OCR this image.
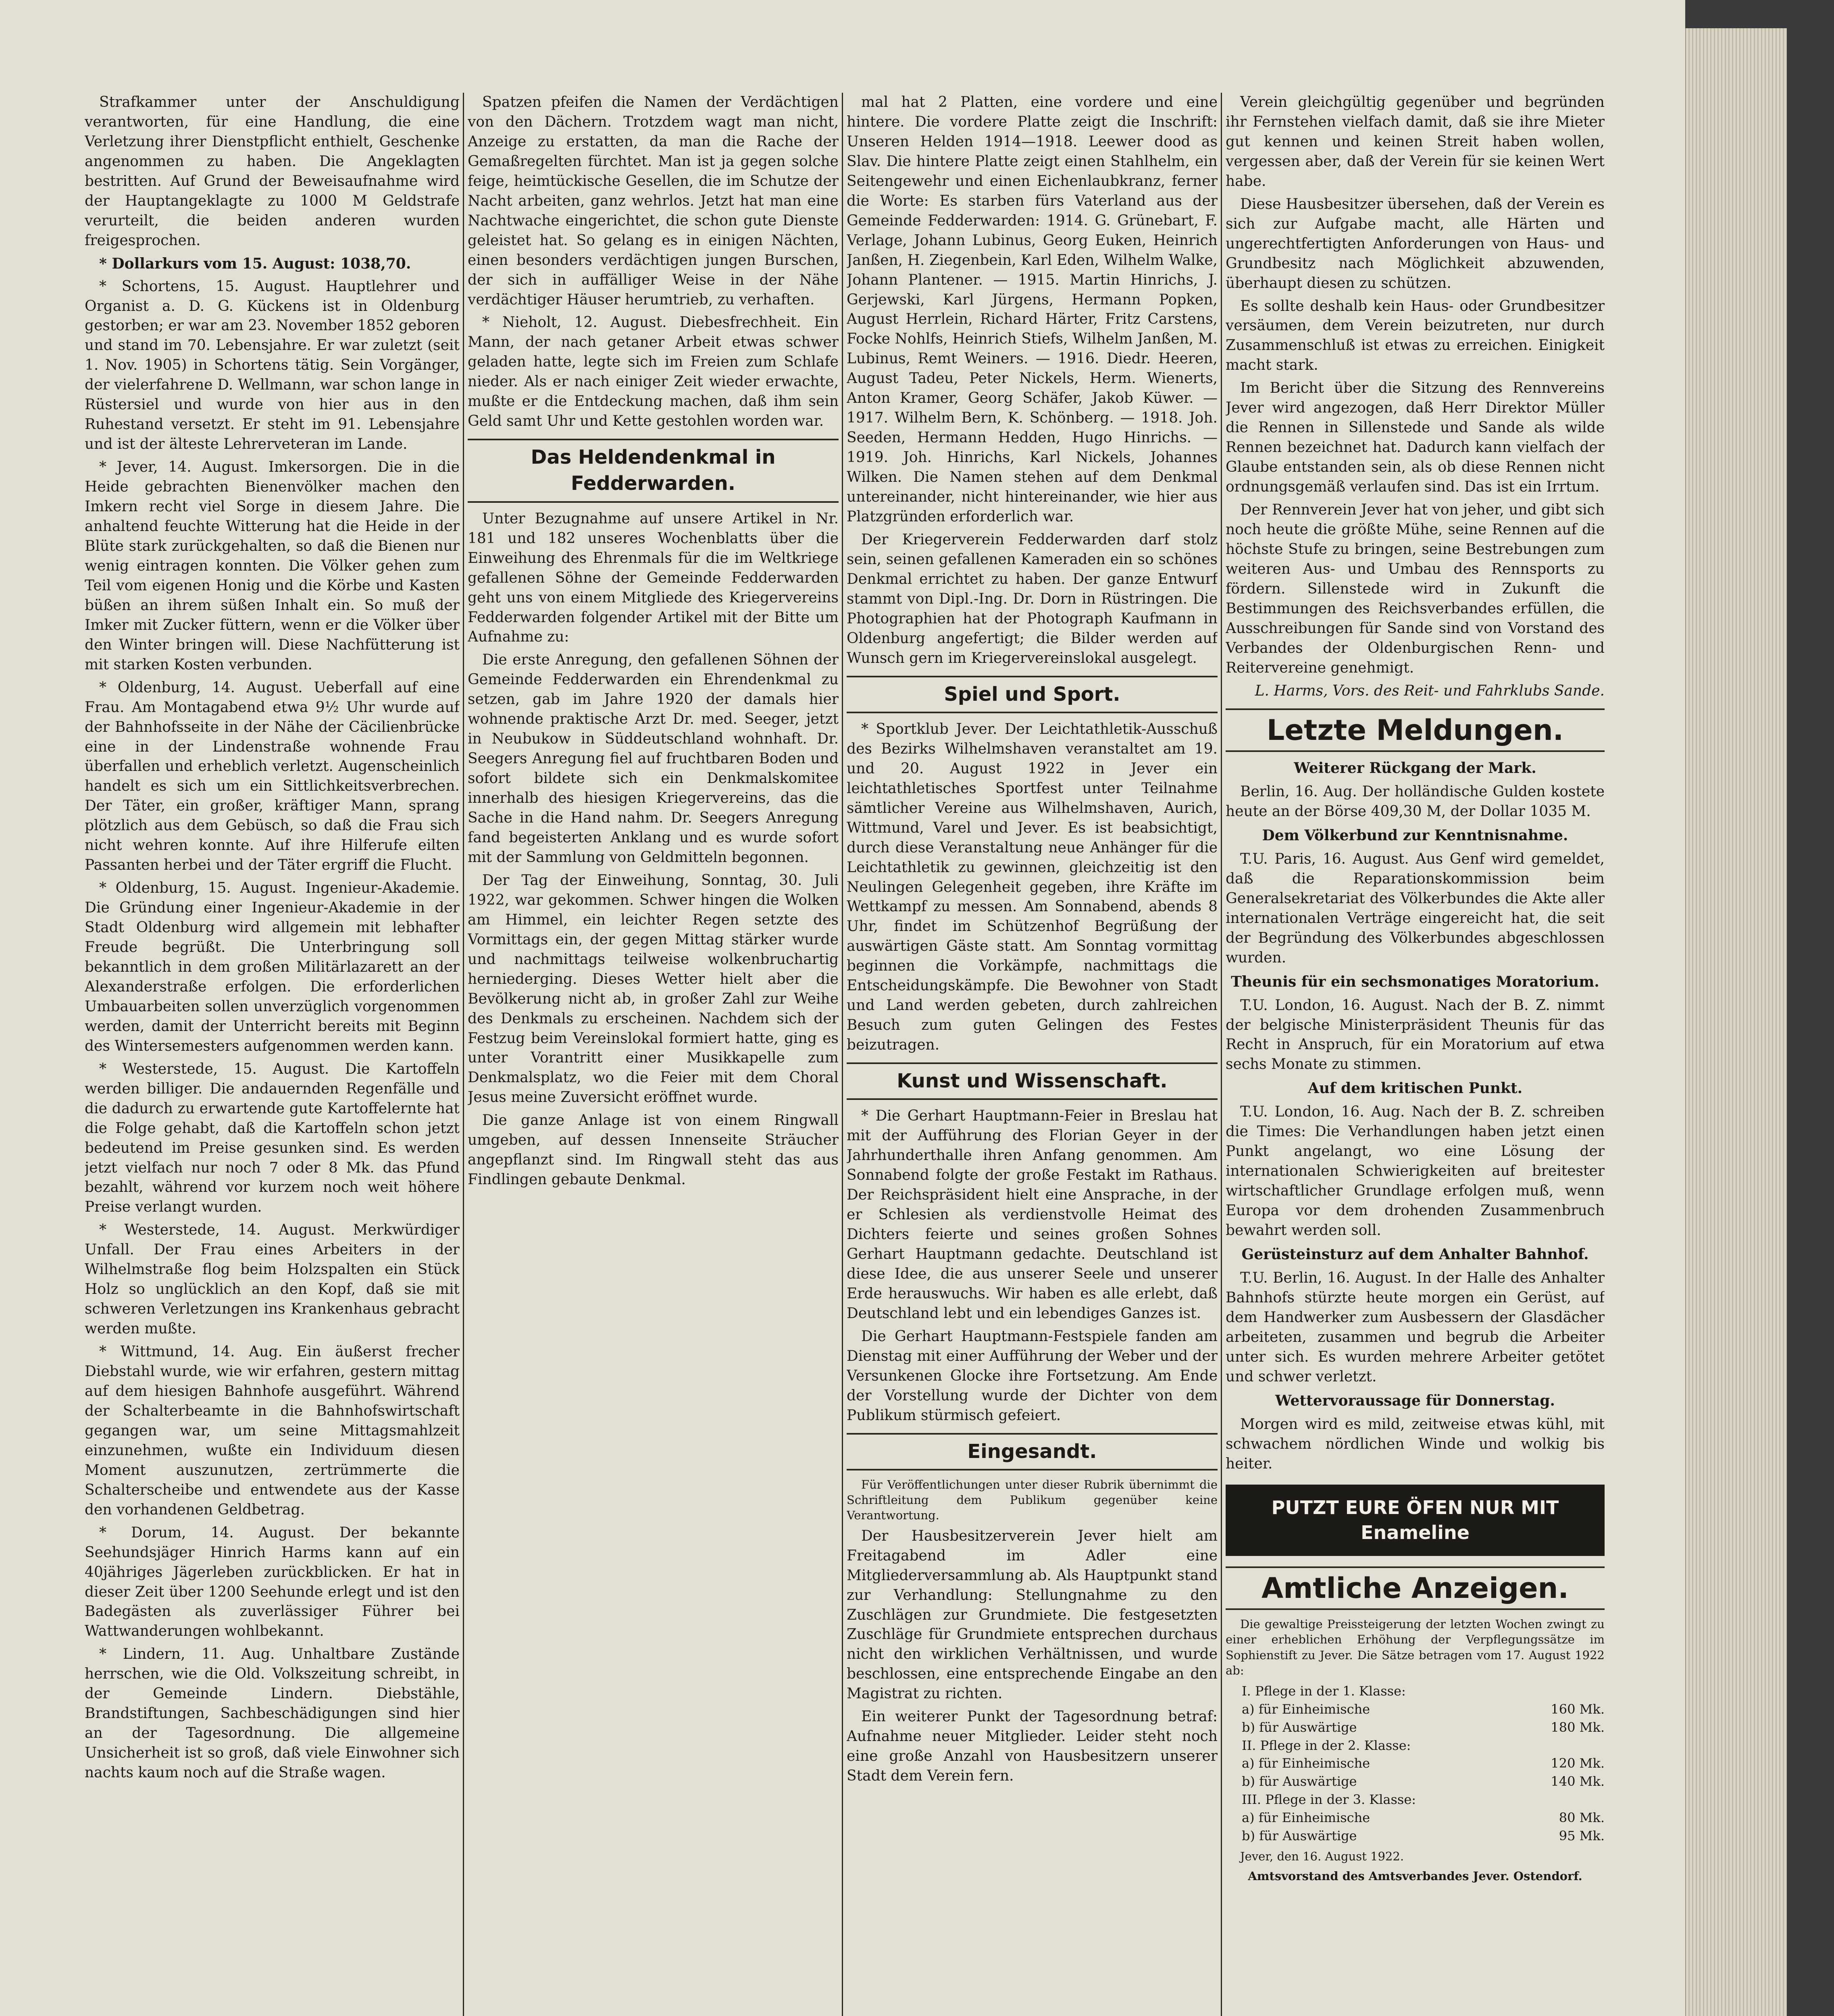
Strafkammer unter der Anschuldigung verantworten, für eine Handlung, die eine Verletzung ihrer Dienstpflicht enthielt, Geschenke angenommen zu haben. Die Angeklagten bestritten. Auf Grund der Beweisaufnahme wird der Hauptangeklagte zu 1000 M Geldstrafe verurteilt, die beiden anderen wurden freigesprochen.

* Dollarkurs vom 15. August: 1038,70.

* Schortens, 15. August. Hauptlehrer und Organist a. D. G. Kückens ist in Oldenburg gestorben; er war am 23. November 1852 geboren und stand im 70. Lebensjahre. Er war zuletzt (seit 1. Nov. 1905) in Schortens tätig. Sein Vorgänger, der vielerfahrene D. Wellmann, war schon lange in Rüstersiel und wurde von hier aus in den Ruhestand versetzt. Er steht im 91. Lebensjahre und ist der älteste Lehrerveteran im Lande.

* Jever, 14. August. Imkersorgen. Die in die Heide gebrachten Bienenvölker machen den Imkern recht viel Sorge in diesem Jahre. Die anhaltend feuchte Witterung hat die Heide in der Blüte stark zurückgehalten, so daß die Bienen nur wenig eintragen konnten. Die Völker gehen zum Teil vom eigenen Honig und die Körbe und Kasten büßen an ihrem süßen Inhalt ein. So muß der Imker mit Zucker füttern, wenn er die Völker über den Winter bringen will. Diese Nachfütterung ist mit starken Kosten verbunden.

* Oldenburg, 14. August. Ueberfall auf eine Frau. Am Montagabend etwa 9½ Uhr wurde auf der Bahnhofsseite in der Nähe der Cäcilienbrücke eine in der Lindenstraße wohnende Frau überfallen und erheblich verletzt. Augenscheinlich handelt es sich um ein Sittlichkeitsverbrechen. Der Täter, ein großer, kräftiger Mann, sprang plötzlich aus dem Gebüsch, so daß die Frau sich nicht wehren konnte. Auf ihre Hilferufe eilten Passanten herbei und der Täter ergriff die Flucht.

* Oldenburg, 15. August. Ingenieur-Akademie. Die Gründung einer Ingenieur-Akademie in der Stadt Oldenburg wird allgemein mit lebhafter Freude begrüßt. Die Unterbringung soll bekanntlich in dem großen Militärlazarett an der Alexanderstraße erfolgen. Die erforderlichen Umbauarbeiten sollen unverzüglich vorgenommen werden, damit der Unterricht bereits mit Beginn des Wintersemesters aufgenommen werden kann.

* Westerstede, 15. August. Die Kartoffeln werden billiger. Die andauernden Regenfälle und die dadurch zu erwartende gute Kartoffelernte hat die Folge gehabt, daß die Kartoffeln schon jetzt bedeutend im Preise gesunken sind. Es werden jetzt vielfach nur noch 7 oder 8 Mk. das Pfund bezahlt, während vor kurzem noch weit höhere Preise verlangt wurden.

* Westerstede, 14. August. Merkwürdiger Unfall. Der Frau eines Arbeiters in der Wilhelmstraße flog beim Holzspalten ein Stück Holz so unglücklich an den Kopf, daß sie mit schweren Verletzungen ins Krankenhaus gebracht werden mußte.

* Wittmund, 14. Aug. Ein äußerst frecher Diebstahl wurde, wie wir erfahren, gestern mittag auf dem hiesigen Bahnhofe ausgeführt. Während der Schalterbeamte in die Bahnhofswirtschaft gegangen war, um seine Mittagsmahlzeit einzunehmen, wußte ein Individuum diesen Moment auszunutzen, zertrümmerte die Schalterscheibe und entwendete aus der Kasse den vorhandenen Geldbetrag.

* Dorum, 14. August. Der bekannte Seehundsjäger Hinrich Harms kann auf ein 40jähriges Jägerleben zurückblicken. Er hat in dieser Zeit über 1200 Seehunde erlegt und ist den Badegästen als zuverlässiger Führer bei Wattwanderungen wohlbekannt.

* Lindern, 11. Aug. Unhaltbare Zustände herrschen, wie die Old. Volkszeitung schreibt, in der Gemeinde Lindern. Diebstähle, Brandstiftungen, Sachbeschädigungen sind hier an der Tagesordnung. Die allgemeine Unsicherheit ist so groß, daß viele Einwohner sich nachts kaum noch auf die Straße wagen.

Spatzen pfeifen die Namen der Verdächtigen von den Dächern. Trotzdem wagt man nicht, Anzeige zu erstatten, da man die Rache der Gemaßregelten fürchtet. Man ist ja gegen solche feige, heimtückische Gesellen, die im Schutze der Nacht arbeiten, ganz wehrlos. Jetzt hat man eine Nachtwache eingerichtet, die schon gute Dienste geleistet hat. So gelang es in einigen Nächten, einen besonders verdächtigen jungen Burschen, der sich in auffälliger Weise in der Nähe verdächtiger Häuser herumtrieb, zu verhaften.

* Nieholt, 12. August. Diebesfrechheit. Ein Mann, der nach getaner Arbeit etwas schwer geladen hatte, legte sich im Freien zum Schlafe nieder. Als er nach einiger Zeit wieder erwachte, mußte er die Entdeckung machen, daß ihm sein Geld samt Uhr und Kette gestohlen worden war.

Das Heldendenkmal in Fedderwarden.

Unter Bezugnahme auf unsere Artikel in Nr. 181 und 182 unseres Wochenblatts über die Einweihung des Ehrenmals für die im Weltkriege gefallenen Söhne der Gemeinde Fedderwarden geht uns von einem Mitgliede des Kriegervereins Fedderwarden folgender Artikel mit der Bitte um Aufnahme zu:

Die erste Anregung, den gefallenen Söhnen der Gemeinde Fedderwarden ein Ehrendenkmal zu setzen, gab im Jahre 1920 der damals hier wohnende praktische Arzt Dr. med. Seeger, jetzt in Neubukow in Süddeutschland wohnhaft. Dr. Seegers Anregung fiel auf fruchtbaren Boden und sofort bildete sich ein Denkmalskomitee innerhalb des hiesigen Kriegervereins, das die Sache in die Hand nahm. Dr. Seegers Anregung fand begeisterten Anklang und es wurde sofort mit der Sammlung von Geldmitteln begonnen.

Der Tag der Einweihung, Sonntag, 30. Juli 1922, war gekommen. Schwer hingen die Wolken am Himmel, ein leichter Regen setzte des Vormittags ein, der gegen Mittag stärker wurde und nachmittags teilweise wolkenbruchartig herniederging. Dieses Wetter hielt aber die Bevölkerung nicht ab, in großer Zahl zur Weihe des Denkmals zu erscheinen. Nachdem sich der Festzug beim Vereinslokal formiert hatte, ging es unter Vorantritt einer Musikkapelle zum Denkmalsplatz, wo die Feier mit dem Choral Jesus meine Zuversicht eröffnet wurde.

Die ganze Anlage ist von einem Ringwall umgeben, auf dessen Innenseite Sträucher angepflanzt sind. Im Ringwall steht das aus Findlingen gebaute Denkmal.

mal hat 2 Platten, eine vordere und eine hintere. Die vordere Platte zeigt die Inschrift: Unseren Helden 1914—1918. Leewer dood as Slav. Die hintere Platte zeigt einen Stahlhelm, ein Seitengewehr und einen Eichenlaubkranz, ferner die Worte: Es starben fürs Vaterland aus der Gemeinde Fedderwarden: 1914. G. Grünebart, F. Verlage, Johann Lubinus, Georg Euken, Heinrich Janßen, H. Ziegenbein, Karl Eden, Wilhelm Walke, Johann Plantener. — 1915. Martin Hinrichs, J. Gerjewski, Karl Jürgens, Hermann Popken, August Herrlein, Richard Härter, Fritz Carstens, Focke Nohlfs, Heinrich Stiefs, Wilhelm Janßen, M. Lubinus, Remt Weiners. — 1916. Diedr. Heeren, August Tadeu, Peter Nickels, Herm. Wienerts, Anton Kramer, Georg Schäfer, Jakob Küwer. — 1917. Wilhelm Bern, K. Schönberg. — 1918. Joh. Seeden, Hermann Hedden, Hugo Hinrichs. — 1919. Joh. Hinrichs, Karl Nickels, Johannes Wilken. Die Namen stehen auf dem Denkmal untereinander, nicht hintereinander, wie hier aus Platzgründen erforderlich war.

Der Kriegerverein Fedderwarden darf stolz sein, seinen gefallenen Kameraden ein so schönes Denkmal errichtet zu haben. Der ganze Entwurf stammt von Dipl.-Ing. Dr. Dorn in Rüstringen. Die Photographien hat der Photograph Kaufmann in Oldenburg angefertigt; die Bilder werden auf Wunsch gern im Kriegervereinslokal ausgelegt.

Spiel und Sport.

* Sportklub Jever. Der Leichtathletik-Ausschuß des Bezirks Wilhelmshaven veranstaltet am 19. und 20. August 1922 in Jever ein leichtathletisches Sportfest unter Teilnahme sämtlicher Vereine aus Wilhelmshaven, Aurich, Wittmund, Varel und Jever. Es ist beabsichtigt, durch diese Veranstaltung neue Anhänger für die Leichtathletik zu gewinnen, gleichzeitig ist den Neulingen Gelegenheit gegeben, ihre Kräfte im Wettkampf zu messen. Am Sonnabend, abends 8 Uhr, findet im Schützenhof Begrüßung der auswärtigen Gäste statt. Am Sonntag vormittag beginnen die Vorkämpfe, nachmittags die Entscheidungskämpfe. Die Bewohner von Stadt und Land werden gebeten, durch zahlreichen Besuch zum guten Gelingen des Festes beizutragen.

Kunst und Wissenschaft.

* Die Gerhart Hauptmann-Feier in Breslau hat mit der Aufführung des Florian Geyer in der Jahrhunderthalle ihren Anfang genommen. Am Sonnabend folgte der große Festakt im Rathaus. Der Reichspräsident hielt eine Ansprache, in der er Schlesien als verdienstvolle Heimat des Dichters feierte und seines großen Sohnes Gerhart Hauptmann gedachte. Deutschland ist diese Idee, die aus unserer Seele und unserer Erde herauswuchs. Wir haben es alle erlebt, daß Deutschland lebt und ein lebendiges Ganzes ist.

Die Gerhart Hauptmann-Festspiele fanden am Dienstag mit einer Aufführung der Weber und der Versunkenen Glocke ihre Fortsetzung. Am Ende der Vorstellung wurde der Dichter von dem Publikum stürmisch gefeiert.

Eingesandt.

Für Veröffentlichungen unter dieser Rubrik übernimmt die Schriftleitung dem Publikum gegenüber keine Verantwortung.

Der Hausbesitzerverein Jever hielt am Freitagabend im Adler eine Mitgliederversammlung ab. Als Hauptpunkt stand zur Verhandlung: Stellungnahme zu den Zuschlägen zur Grundmiete. Die festgesetzten Zuschläge für Grundmiete entsprechen durchaus nicht den wirklichen Verhältnissen, und wurde beschlossen, eine entsprechende Eingabe an den Magistrat zu richten.

Ein weiterer Punkt der Tagesordnung betraf: Aufnahme neuer Mitglieder. Leider steht noch eine große Anzahl von Hausbesitzern unserer Stadt dem Verein fern.

Verein gleichgültig gegenüber und begründen ihr Fernstehen vielfach damit, daß sie ihre Mieter gut kennen und keinen Streit haben wollen, vergessen aber, daß der Verein für sie keinen Wert habe.

Diese Hausbesitzer übersehen, daß der Verein es sich zur Aufgabe macht, alle Härten und ungerechtfertigten Anforderungen von Haus- und Grundbesitz nach Möglichkeit abzuwenden, überhaupt diesen zu schützen.

Es sollte deshalb kein Haus- oder Grundbesitzer versäumen, dem Verein beizutreten, nur durch Zusammenschluß ist etwas zu erreichen. Einigkeit macht stark.

Im Bericht über die Sitzung des Rennvereins Jever wird angezogen, daß Herr Direktor Müller die Rennen in Sillenstede und Sande als wilde Rennen bezeichnet hat. Dadurch kann vielfach der Glaube entstanden sein, als ob diese Rennen nicht ordnungsgemäß verlaufen sind. Das ist ein Irrtum.

Der Rennverein Jever hat von jeher, und gibt sich noch heute die größte Mühe, seine Rennen auf die höchste Stufe zu bringen, seine Bestrebungen zum weiteren Aus- und Umbau des Rennsports zu fördern. Sillenstede wird in Zukunft die Bestimmungen des Reichsverbandes erfüllen, die Ausschreibungen für Sande sind von Vorstand des Verbandes der Oldenburgischen Renn- und Reitervereine genehmigt.

L. Harms, Vors. des Reit- und Fahrklubs Sande.
Letzte Meldungen.
Weiterer Rückgang der Mark.

Berlin, 16. Aug. Der holländische Gulden kostete heute an der Börse 409,30 M, der Dollar 1035 M.

Dem Völkerbund zur Kenntnisnahme.

T.U. Paris, 16. August. Aus Genf wird gemeldet, daß die Reparationskommission beim Generalsekretariat des Völkerbundes die Akte aller internationalen Verträge eingereicht hat, die seit der Begründung des Völkerbundes abgeschlossen wurden.

Theunis für ein sechsmonatiges Moratorium.

T.U. London, 16. August. Nach der B. Z. nimmt der belgische Ministerpräsident Theunis für das Recht in Anspruch, für ein Moratorium auf etwa sechs Monate zu stimmen.

Auf dem kritischen Punkt.

T.U. London, 16. Aug. Nach der B. Z. schreiben die Times: Die Verhandlungen haben jetzt einen Punkt angelangt, wo eine Lösung der internationalen Schwierigkeiten auf breitester wirtschaftlicher Grundlage erfolgen muß, wenn Europa vor dem drohenden Zusammenbruch bewahrt werden soll.

Gerüsteinsturz auf dem Anhalter Bahnhof.

T.U. Berlin, 16. August. In der Halle des Anhalter Bahnhofs stürzte heute morgen ein Gerüst, auf dem Handwerker zum Ausbessern der Glasdächer arbeiteten, zusammen und begrub die Arbeiter unter sich. Es wurden mehrere Arbeiter getötet und schwer verletzt.

Wettervoraussage für Donnerstag.

Morgen wird es mild, zeitweise etwas kühl, mit schwachem nördlichen Winde und wolkig bis heiter.

PUTZT EURE ÖFEN NUR MIT Enameline
Amtliche Anzeigen.

Die gewaltige Preissteigerung der letzten Wochen zwingt zu einer erheblichen Erhöhung der Verpflegungssätze im Sophienstift zu Jever. Die Sätze betragen vom 17. August 1922 ab:

I. Pflege in der 1. Klasse:
a) für Einheimische	160 Mk.
b) für Auswärtige	180 Mk.
II. Pflege in der 2. Klasse:
a) für Einheimische	120 Mk.
b) für Auswärtige	140 Mk.
III. Pflege in der 3. Klasse:
a) für Einheimische	80 Mk.
b) für Auswärtige	95 Mk.

Jever, den 16. August 1922.

Amtsvorstand des Amtsverbandes Jever. Ostendorf.
